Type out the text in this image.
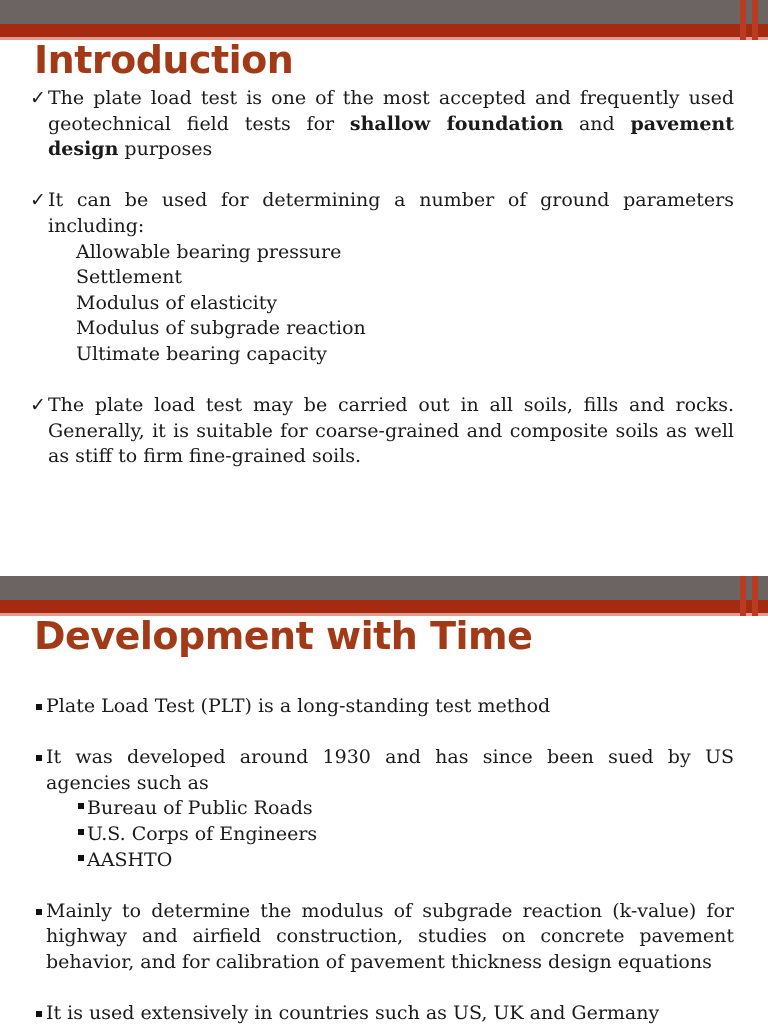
Introduction
✓ The plate load test is one of the most accepted and frequently used geotechnical field tests for shallow foundation and pavement design purposes
✓ It can be used for determining a number of ground parameters including:
Allowable bearing pressure
Settlement
Modulus of elasticity
Modulus of subgrade reaction
Ultimate bearing capacity
✓ The plate load test may be carried out in all soils, fills and rocks. Generally, it is suitable for coarse-grained and composite soils as well as stiff to firm fine-grained soils.
Development with Time
Plate Load Test (PLT) is a long-standing test method
It was developed around 1930 and has since been sued by US agencies such as
Bureau of Public Roads
U.S. Corps of Engineers
AASHTO
Mainly to determine the modulus of subgrade reaction (k-value) for highway and airfield construction, studies on concrete pavement behavior, and for calibration of pavement thickness design equations
It is used extensively in countries such as US, UK and Germany
